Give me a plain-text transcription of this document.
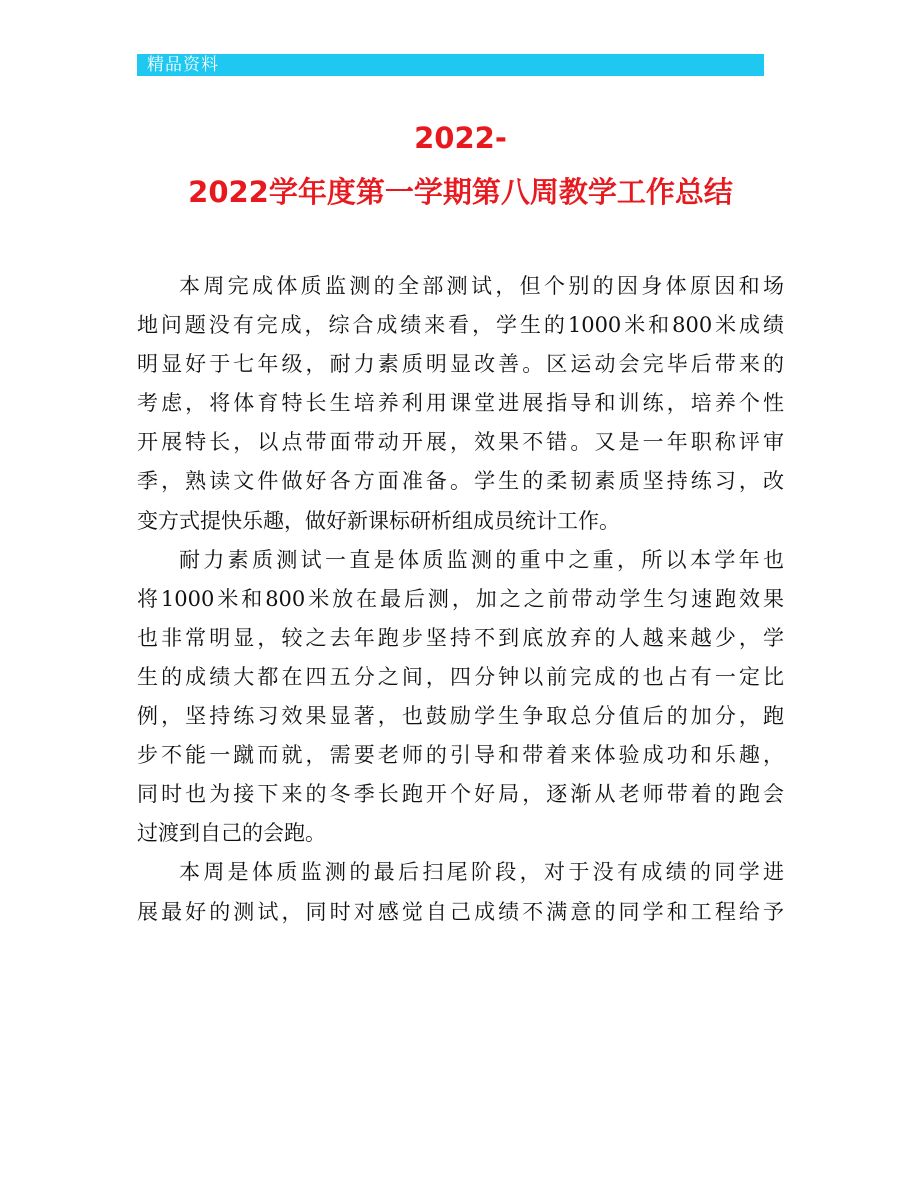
精品资料
2022-
2022学年度第一学期第八周教学工作总结
本周完成体质监测的全部测试，但个别的因身体原因和场
地问题没有完成，综合成绩来看，学生的1000米和800米成绩
明显好于七年级，耐力素质明显改善。区运动会完毕后带来的
考虑，将体育特长生培养利用课堂进展指导和训练，培养个性
开展特长，以点带面带动开展，效果不错。又是一年职称评审
季，熟读文件做好各方面准备。学生的柔韧素质坚持练习，改
变方式提快乐趣，做好新课标研析组成员统计工作。
耐力素质测试一直是体质监测的重中之重，所以本学年也
将1000米和800米放在最后测，加之之前带动学生匀速跑效果
也非常明显，较之去年跑步坚持不到底放弃的人越来越少，学
生的成绩大都在四五分之间，四分钟以前完成的也占有一定比
例，坚持练习效果显著，也鼓励学生争取总分值后的加分，跑
步不能一蹴而就，需要老师的引导和带着来体验成功和乐趣，
同时也为接下来的冬季长跑开个好局，逐渐从老师带着的跑会
过渡到自己的会跑。
本周是体质监测的最后扫尾阶段，对于没有成绩的同学进
展最好的测试，同时对感觉自己成绩不满意的同学和工程给予
